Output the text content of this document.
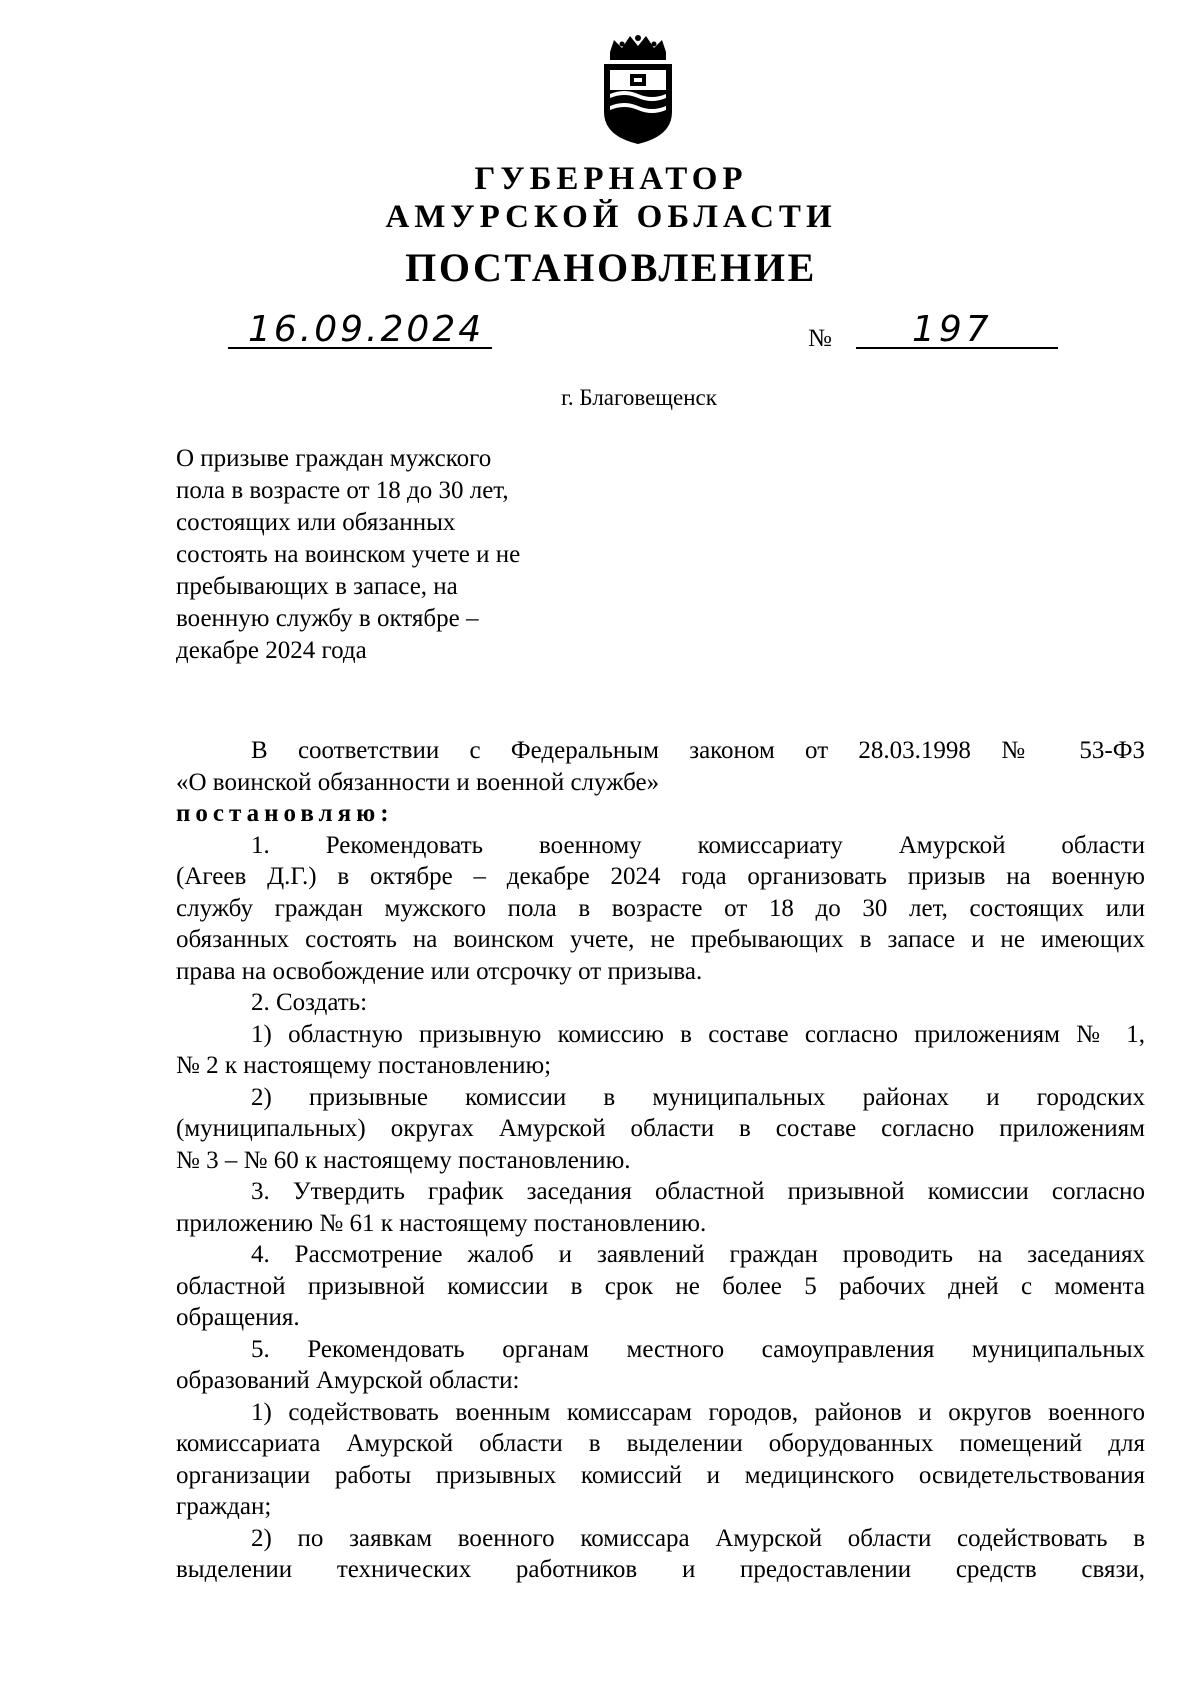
ГУБЕРНАТОР
АМУРСКОЙ ОБЛАСТИ
ПОСТАНОВЛЕНИЕ
16.09.2024	№ 197
г. Благовещенск
О призыве граждан мужского
пола в возрасте от 18 до 30 лет,
состоящих или обязанных
состоять на воинском учете и не
пребывающих в запасе, на
военную службу в октябре –
декабре 2024 года
В соответствии с Федеральным законом от 28.03.1998 № 53-ФЗ
«О воинской обязанности и военной службе»
постановляю:
1. Рекомендовать военному комиссариату Амурской области
(Агеев Д.Г.) в октябре – декабре 2024 года организовать призыв на военную
службу граждан мужского пола в возрасте от 18 до 30 лет, состоящих или
обязанных состоять на воинском учете, не пребывающих в запасе и не имеющих
права на освобождение или отсрочку от призыва.
2. Создать:
1) областную призывную комиссию в составе согласно приложениям № 1,
№ 2 к настоящему постановлению;
2) призывные комиссии в муниципальных районах и городских
(муниципальных) округах Амурской области в составе согласно приложениям
№ 3 – № 60 к настоящему постановлению.
3. Утвердить график заседания областной призывной комиссии согласно
приложению № 61 к настоящему постановлению.
4. Рассмотрение жалоб и заявлений граждан проводить на заседаниях
областной призывной комиссии в срок не более 5 рабочих дней с момента
обращения.
5. Рекомендовать органам местного самоуправления муниципальных
образований Амурской области:
1) содействовать военным комиссарам городов, районов и округов военного
комиссариата Амурской области в выделении оборудованных помещений для
организации работы призывных комиссий и медицинского освидетельствования
граждан;
2) по заявкам военного комиссара Амурской области содействовать в
выделении технических работников и предоставлении средств связи,
